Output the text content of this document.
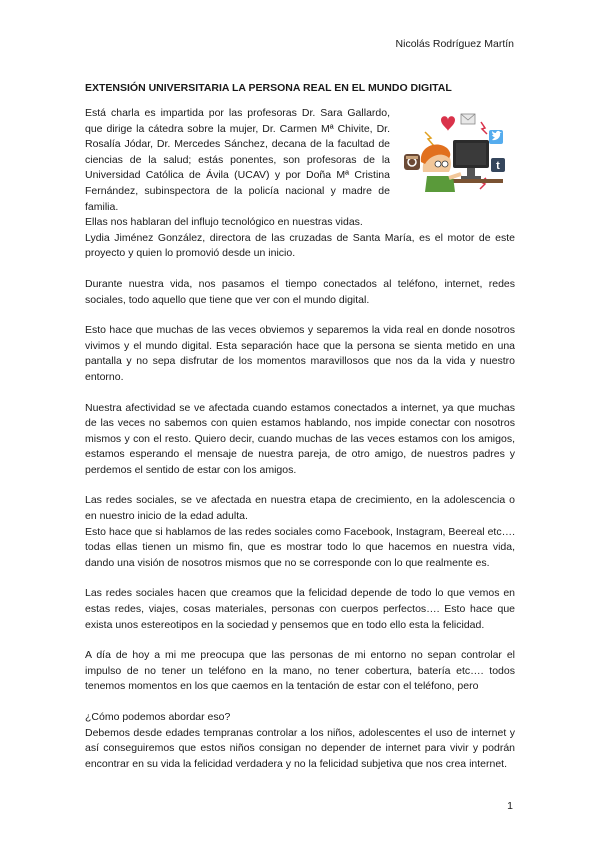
Nicolás Rodríguez Martín
EXTENSIÓN UNIVERSITARIA LA PERSONA REAL EN EL MUNDO DIGITAL

Está charla es impartida por las profesoras Dr. Sara Gallardo, que dirige la cátedra sobre la mujer, Dr. Carmen Mª Chivite, Dr. Rosalía Jódar, Dr. Mercedes Sánchez, decana de la facultad de ciencias de la salud; estás ponentes, son profesoras de la Universidad Católica de Ávila (UCAV) y por Doña Mª Cristina Fernández, subinspectora de la policía nacional y madre de familia.

t

Ellas nos hablaran del influjo tecnológico en nuestras vidas.

Lydia Jiménez González, directora de las cruzadas de Santa María, es el motor de este proyecto y quien lo promovió desde un inicio.

Durante nuestra vida, nos pasamos el tiempo conectados al teléfono, internet, redes sociales, todo aquello que tiene que ver con el mundo digital.

Esto hace que muchas de las veces obviemos y separemos la vida real en donde nosotros vivimos y el mundo digital. Esta separación hace que la persona se sienta metido en una pantalla y no sepa disfrutar de los momentos maravillosos que nos da la vida y nuestro entorno.

Nuestra afectividad se ve afectada cuando estamos conectados a internet, ya que muchas de las veces no sabemos con quien estamos hablando, nos impide conectar con nosotros mismos y con el resto. Quiero decir, cuando muchas de las veces estamos con los amigos, estamos esperando el mensaje de nuestra pareja, de otro amigo, de nuestros padres y perdemos el sentido de estar con los amigos.

Las redes sociales, se ve afectada en nuestra etapa de crecimiento, en la adolescencia o en nuestro inicio de la edad adulta.

Esto hace que si hablamos de las redes sociales como Facebook, Instagram, Beereal etc…. todas ellas tienen un mismo fin, que es mostrar todo lo que hacemos en nuestra vida, dando una visión de nosotros mismos que no se corresponde con lo que realmente es.

Las redes sociales hacen que creamos que la felicidad depende de todo lo que vemos en estas redes, viajes, cosas materiales, personas con cuerpos perfectos…. Esto hace que exista unos estereotipos en la sociedad y pensemos que en todo ello esta la felicidad.

A día de hoy a mi me preocupa que las personas de mi entorno no sepan controlar el impulso de no tener un teléfono en la mano, no tener cobertura, batería etc…. todos tenemos momentos en los que caemos en la tentación de estar con el teléfono, pero

¿Cómo podemos abordar eso?

Debemos desde edades tempranas controlar a los niños, adolescentes el uso de internet y así conseguiremos que estos niños consigan no depender de internet para vivir y podrán encontrar en su vida la felicidad verdadera y no la felicidad subjetiva que nos crea internet.

1
